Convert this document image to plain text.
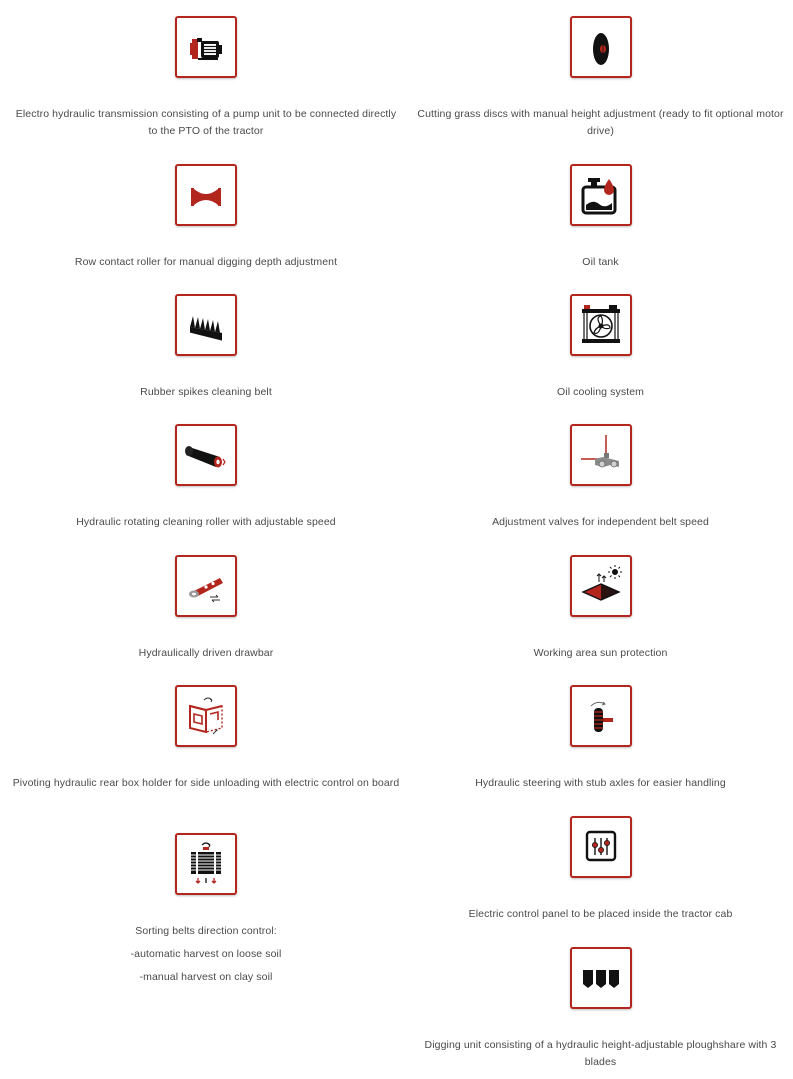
Electro hydraulic transmission consisting of a pump unit to be connected directly to the PTO of the tractor
Row contact roller for manual digging depth adjustment
Rubber spikes cleaning belt
Hydraulic rotating cleaning roller with adjustable speed
Hydraulically driven drawbar
Pivoting hydraulic rear box holder for side unloading with electric control on board

Sorting belts direction control:

-automatic harvest on loose soil

-manual harvest on clay soil

Cutting grass discs with manual height adjustment (ready to fit optional motor drive)
Oil tank
Oil cooling system
Adjustment valves for independent belt speed
Working area sun protection
Hydraulic steering with stub axles for easier handling
Electric control panel to be placed inside the tractor cab
Digging unit consisting of a hydraulic height-adjustable ploughshare with 3 blades
